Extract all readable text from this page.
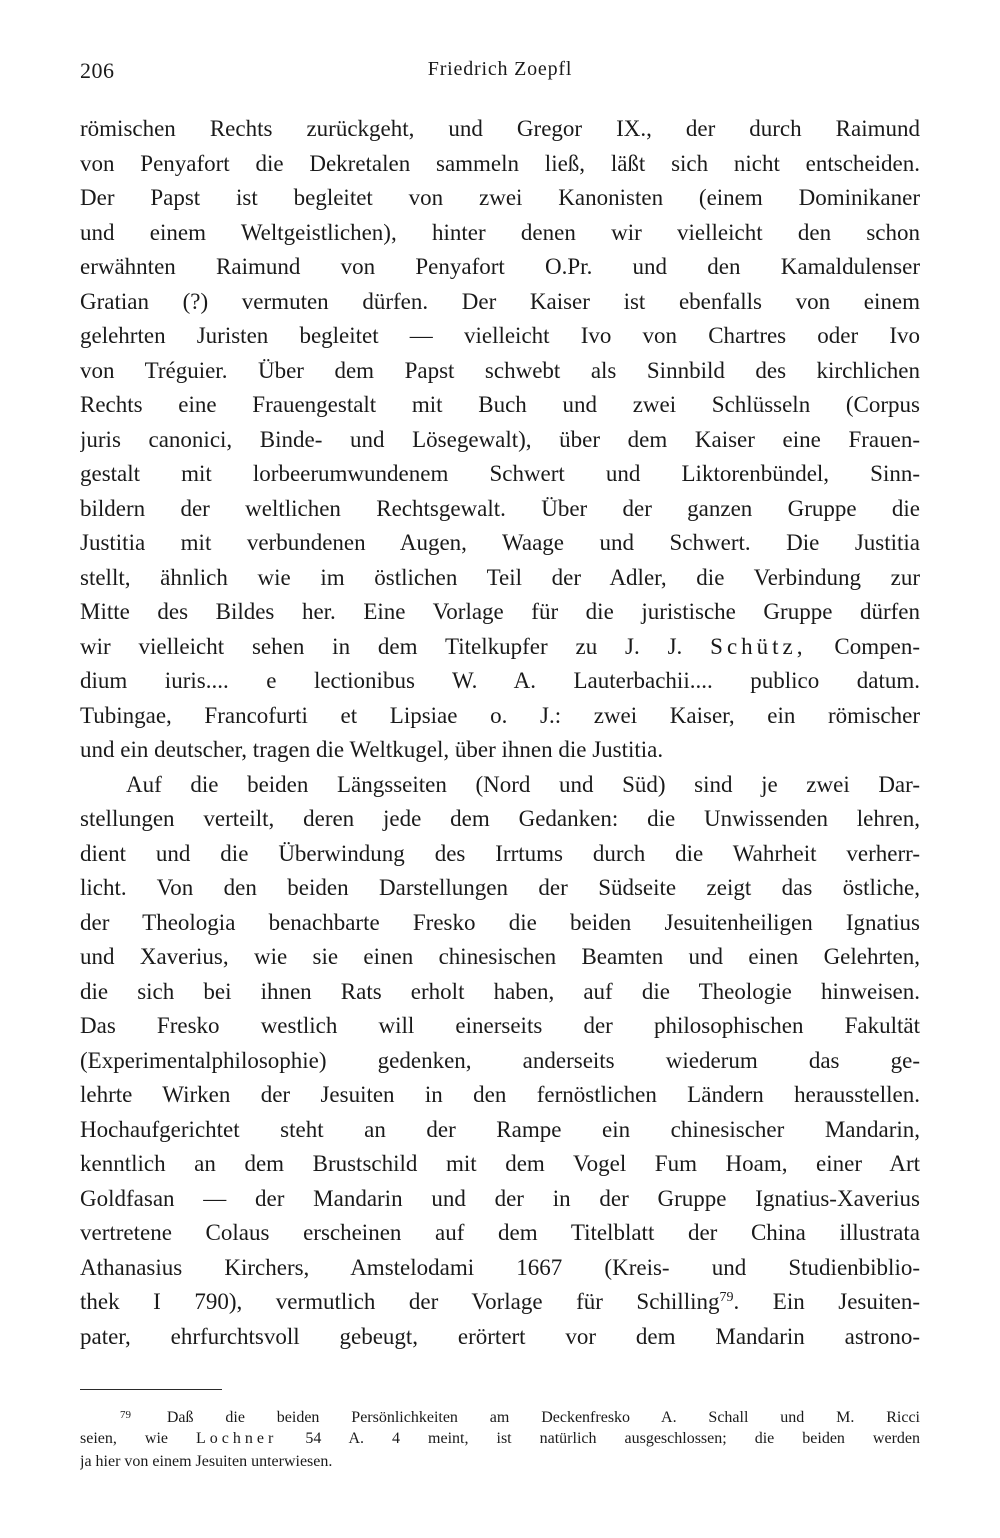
206	Friedrich Zoepfl
römischen Rechts zurückgeht, und Gregor IX., der durch Raimund
von Penyafort die Dekretalen sammeln ließ, läßt sich nicht entscheiden.
Der Papst ist begleitet von zwei Kanonisten (einem Dominikaner
und einem Weltgeistlichen), hinter denen wir vielleicht den schon
erwähnten Raimund von Penyafort O.Pr. und den Kamaldulenser
Gratian (?) vermuten dürfen. Der Kaiser ist ebenfalls von einem
gelehrten Juristen begleitet — vielleicht Ivo von Chartres oder Ivo
von Tréguier. Über dem Papst schwebt als Sinnbild des kirchlichen
Rechts eine Frauengestalt mit Buch und zwei Schlüsseln (Corpus
juris canonici, Binde- und Lösegewalt), über dem Kaiser eine Frauen-
gestalt mit lorbeerumwundenem Schwert und Liktorenbündel, Sinn-
bildern der weltlichen Rechtsgewalt. Über der ganzen Gruppe die
Justitia mit verbundenen Augen, Waage und Schwert. Die Justitia
stellt, ähnlich wie im östlichen Teil der Adler, die Verbindung zur
Mitte des Bildes her. Eine Vorlage für die juristische Gruppe dürfen
wir vielleicht sehen in dem Titelkupfer zu J. J. Schütz, Compen-
dium iuris.... e lectionibus W. A. Lauterbachii.... publico datum.
Tubingae, Francofurti et Lipsiae o. J.: zwei Kaiser, ein römischer
und ein deutscher, tragen die Weltkugel, über ihnen die Justitia.
Auf die beiden Längsseiten (Nord und Süd) sind je zwei Dar-
stellungen verteilt, deren jede dem Gedanken: die Unwissenden lehren,
dient und die Überwindung des Irrtums durch die Wahrheit verherr-
licht. Von den beiden Darstellungen der Südseite zeigt das östliche,
der Theologia benachbarte Fresko die beiden Jesuitenheiligen Ignatius
und Xaverius, wie sie einen chinesischen Beamten und einen Gelehrten,
die sich bei ihnen Rats erholt haben, auf die Theologie hinweisen.
Das Fresko westlich will einerseits der philosophischen Fakultät
(Experimentalphilosophie) gedenken, anderseits wiederum das ge-
lehrte Wirken der Jesuiten in den fernöstlichen Ländern herausstellen.
Hochaufgerichtet steht an der Rampe ein chinesischer Mandarin,
kenntlich an dem Brustschild mit dem Vogel Fum Hoam, einer Art
Goldfasan — der Mandarin und der in der Gruppe Ignatius-Xaverius
vertretene Colaus erscheinen auf dem Titelblatt der China illustrata
Athanasius Kirchers, Amstelodami 1667 (Kreis- und Studienbiblio-
thek I 790), vermutlich der Vorlage für Schilling$^{79}$. Ein Jesuiten-
pater, ehrfurchtsvoll gebeugt, erörtert vor dem Mandarin astrono-
$^{79}$ Daß die beiden Persönlichkeiten am Deckenfresko A. Schall und M. Ricci
seien, wie Lochner 54 A. 4 meint, ist natürlich ausgeschlossen; die beiden werden
ja hier von einem Jesuiten unterwiesen.
